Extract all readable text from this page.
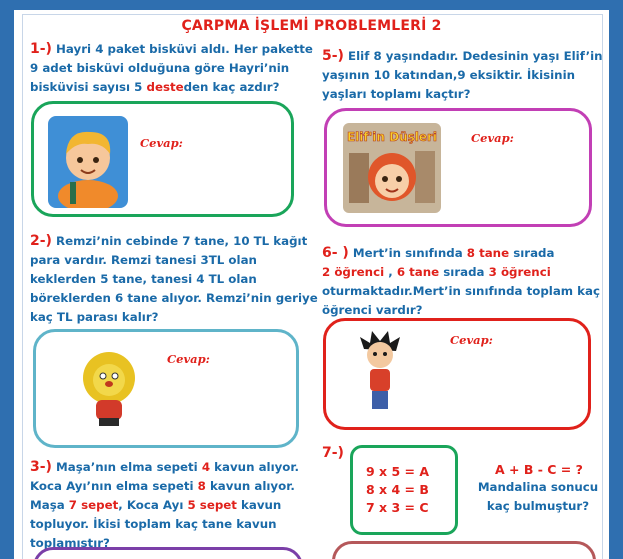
ÇARPMA İŞLEMİ PROBLEMLERİ 2
1-) Hayri 4 paket bisküvi aldı. Her pakette
9 adet bisküvi olduğuna göre Hayri’nin
bisküvisi sayısı 5 desteden kaç azdır?
Cevap:
2-) Remzi’nin cebinde 7 tane, 10 TL kağıt
para vardır. Remzi tanesi 3TL olan
keklerden 5 tane, tanesi 4 TL olan
böreklerden 6 tane alıyor. Remzi’nin geriye
kaç TL parası kalır?
Cevap:
3-) Maşa’nın elma sepeti 4 kavun alıyor.
Koca Ayı’nın elma sepeti 8 kavun alıyor.
Maşa 7 sepet, Koca Ayı 5 sepet kavun
topluyor. İkisi toplam kaç tane kavun
toplamıştır?
5-) Elif 8 yaşındadır. Dedesinin yaşı Elif’in
yaşının 10 katından,9 eksiktir. İkisinin
yaşları toplamı kaçtır?
Elif'in Düşleri	Cevap:
6- ) Mert’in sınıfında 8 tane sırada
2 öğrenci , 6 tane sırada 3 öğrenci
oturmaktadır.Mert’in sınıfında toplam kaç
öğrenci vardır?
Cevap:
7-)
9 x 5 = A
8 x 4 = B
7 x 3 = C
A + B - C = ?
Mandalina sonucu
kaç bulmuştur?
